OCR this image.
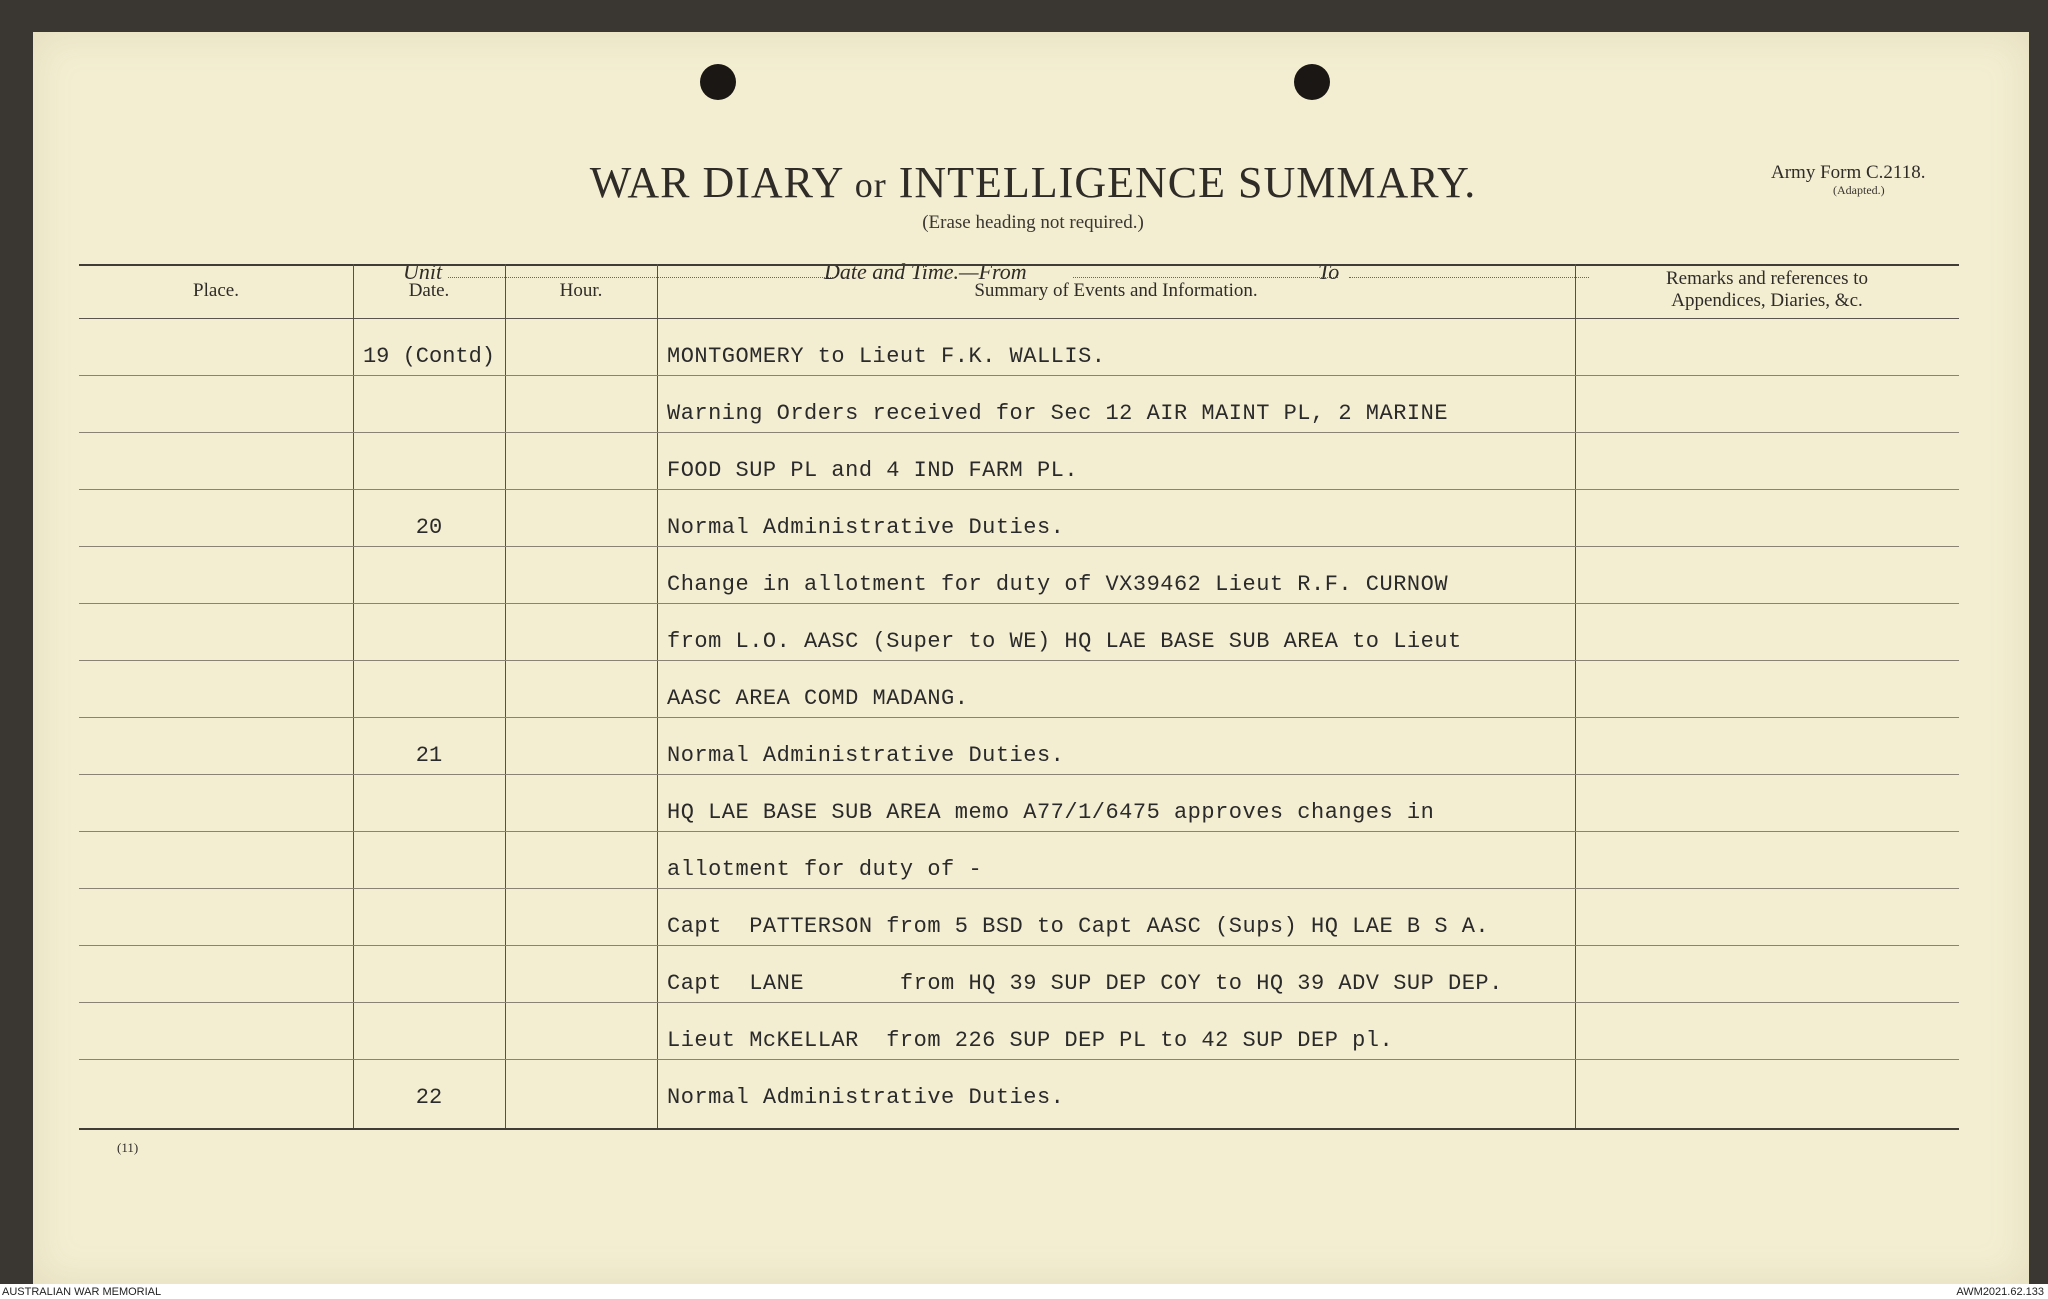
WAR DIARY or INTELLIGENCE SUMMARY.
(Erase heading not required.)
Army Form C.2118.
(Adapted.)
Unit	Date and Time.—From	To
Place.	Date.	Hour.	Summary of Events and Information.
Remarks and references to
Appendices, Diaries, &c.
19 (Contd)	MONTGOMERY to Lieut F.K. WALLIS.
Warning Orders received for Sec 12 AIR MAINT PL, 2 MARINE
FOOD SUP PL and 4 IND FARM PL.
20	Normal Administrative Duties.
Change in allotment for duty of VX39462 Lieut R.F. CURNOW
from L.O. AASC (Super to WE) HQ LAE BASE SUB AREA to Lieut
AASC AREA COMD MADANG.
21	Normal Administrative Duties.
HQ LAE BASE SUB AREA memo A77/1/6475 approves changes in
allotment for duty of -
Capt  PATTERSON from 5 BSD to Capt AASC (Sups) HQ LAE B S A.
Capt  LANE       from HQ 39 SUP DEP COY to HQ 39 ADV SUP DEP.
Lieut McKELLAR  from 226 SUP DEP PL to 42 SUP DEP pl.
22	Normal Administrative Duties.
(11)
AUSTRALIAN WAR MEMORIAL	AWM2021.62.133
